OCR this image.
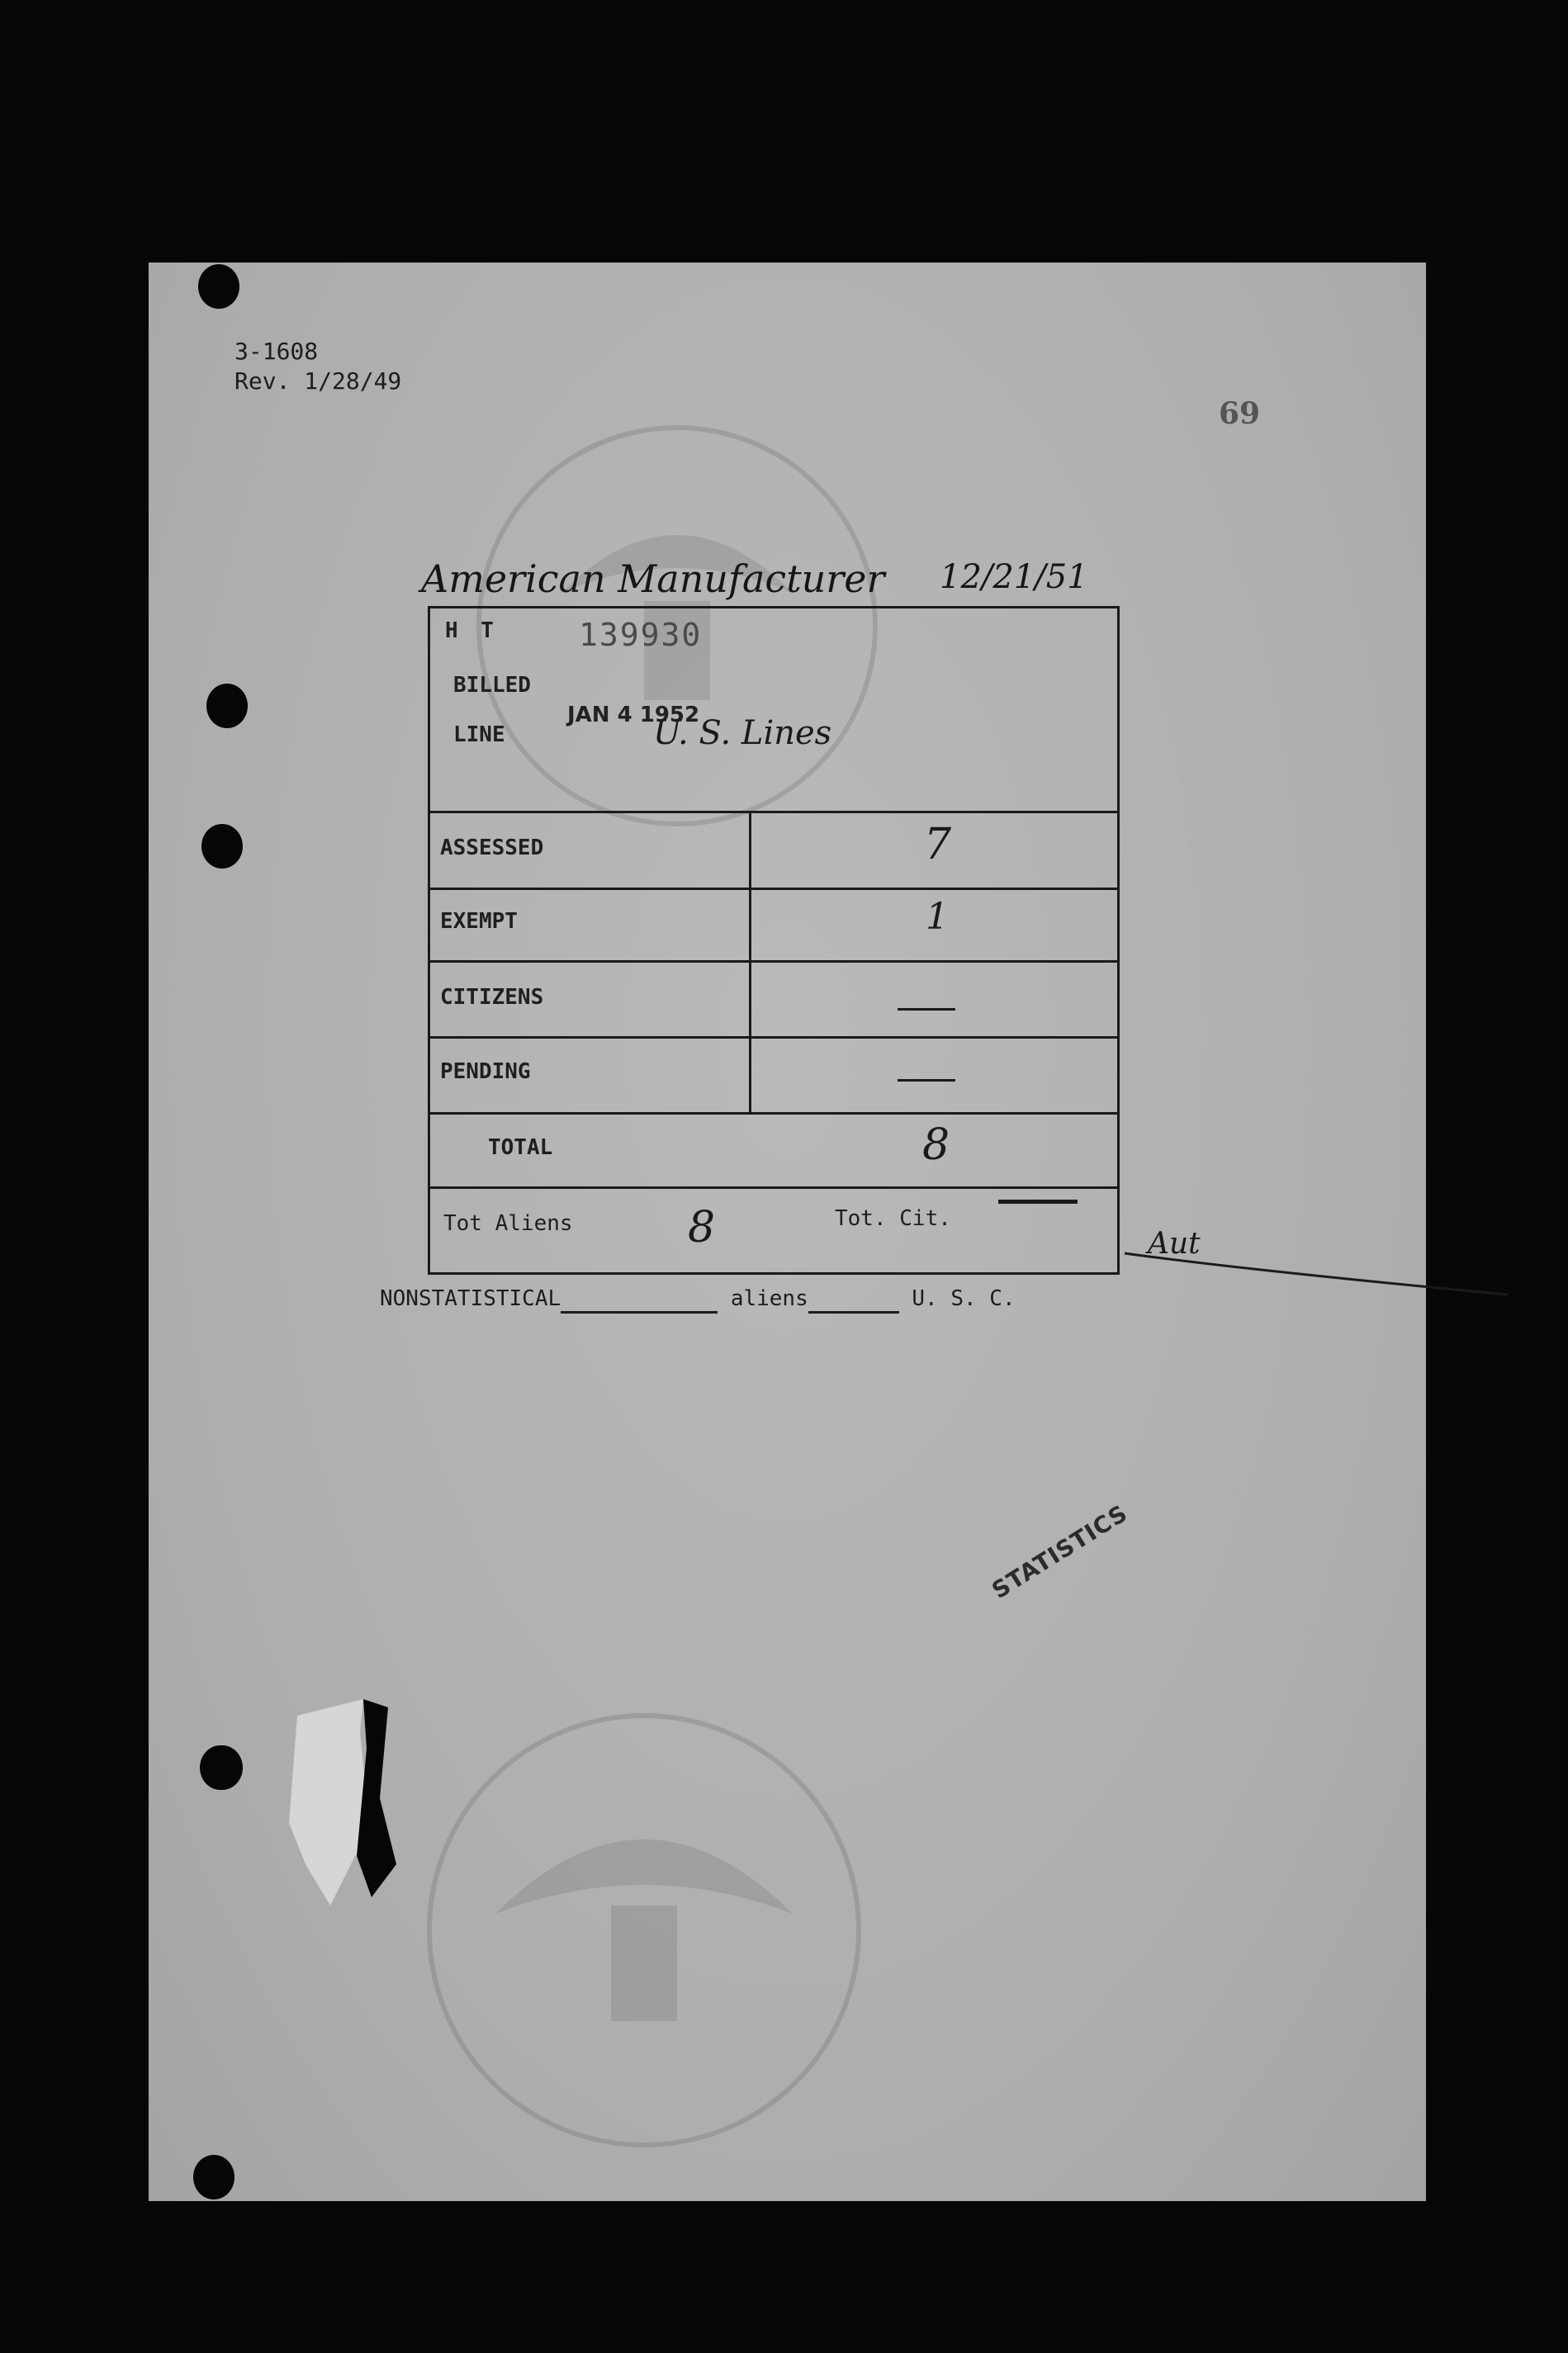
3-1608
Rev. 1/28/49
69
American Manufacturer 12/21/51
H T	139930
BILLED
LINE
JAN 4 1952
U. S. Lines
ASSESSED	7
EXEMPT	1
CITIZENS
PENDING
TOTAL	8
Tot Aliens	8	Tot. Cit.
Aut
NONSTATISTICAL	aliens	U. S. C.
STATISTICS
